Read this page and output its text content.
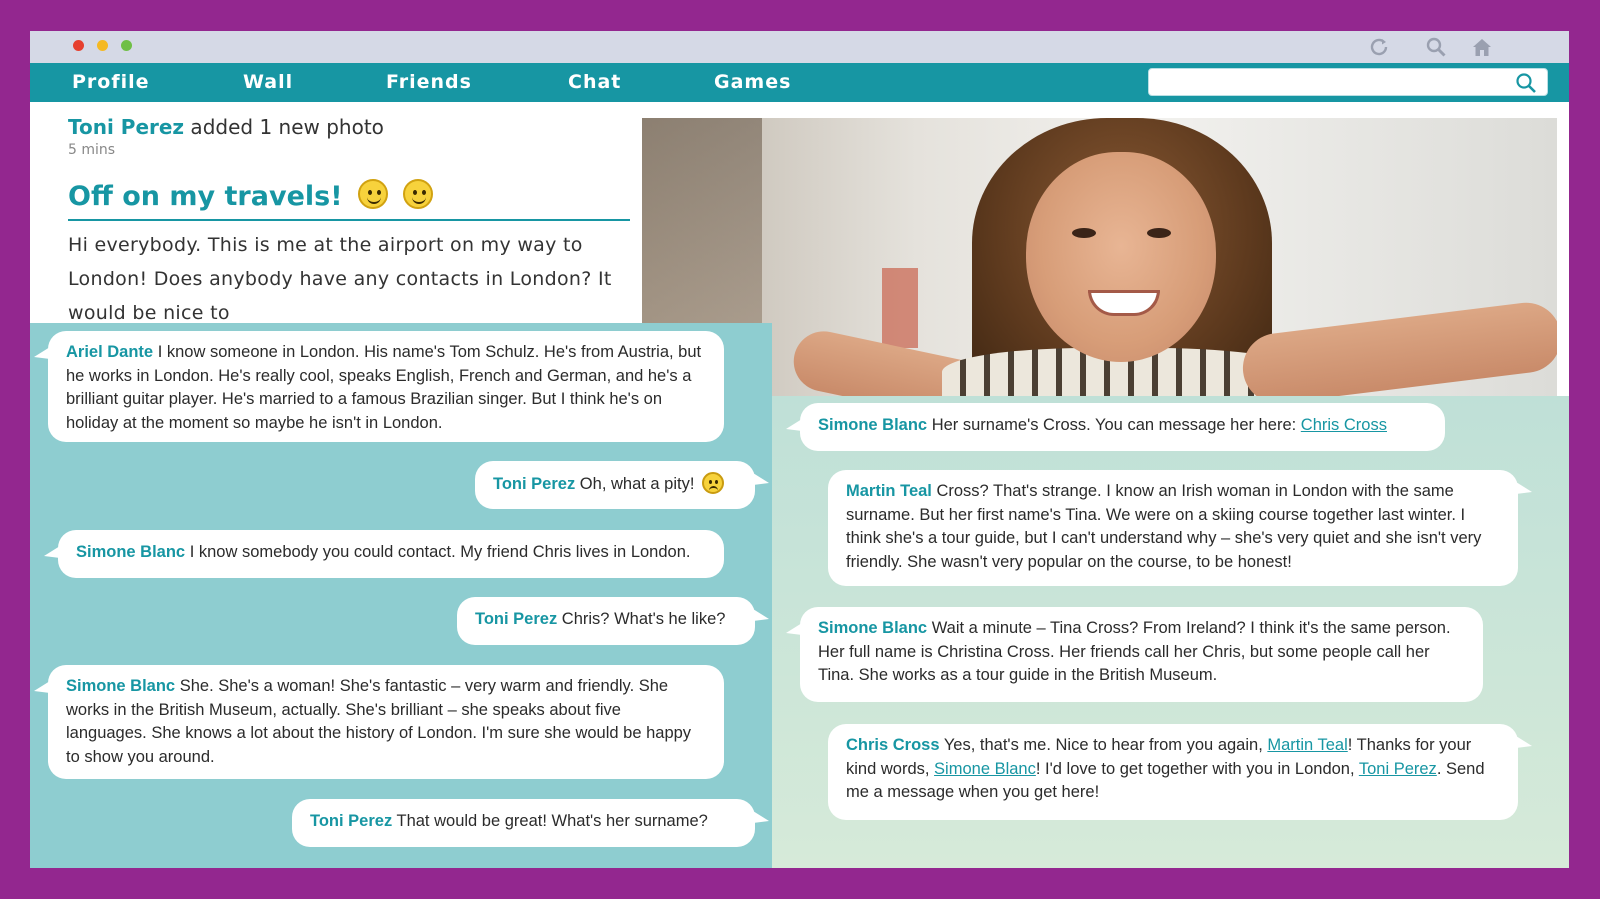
Profile	Wall	Friends	Chat	Games
Toni Perez added 1 new photo
5 mins
Off on my travels!
Hi everybody. This is me at the airport on my way to London! Does anybody have any contacts in London? It would be nice to
Ariel Dante I know someone in London. His name's Tom Schulz. He's from Austria, but he works in London. He's really cool, speaks English, French and German, and he's a brilliant guitar player. He's married to a famous Brazilian singer. But I think he's on holiday at the moment so maybe he isn't in London.
Toni Perez Oh, what a pity!
Simone Blanc I know somebody you could contact. My friend Chris lives in London.
Toni Perez Chris? What's he like?
Simone Blanc She. She's a woman! She's fantastic – very warm and friendly. She works in the British Museum, actually. She's brilliant – she speaks about five languages. She knows a lot about the history of London. I'm sure she would be happy to show you around.
Toni Perez That would be great! What's her surname?
Simone Blanc Her surname's Cross. You can message her here: Chris Cross
Martin Teal Cross? That's strange. I know an Irish woman in London with the same surname. But her first name's Tina. We were on a skiing course together last winter. I think she's a tour guide, but I can't understand why – she's very quiet and she isn't very friendly. She wasn't very popular on the course, to be honest!
Simone Blanc Wait a minute – Tina Cross? From Ireland? I think it's the same person. Her full name is Christina Cross. Her friends call her Chris, but some people call her Tina. She works as a tour guide in the British Museum.
Chris Cross Yes, that's me. Nice to hear from you again, Martin Teal! Thanks for your kind words, Simone Blanc! I'd love to get together with you in London, Toni Perez. Send me a message when you get here!
